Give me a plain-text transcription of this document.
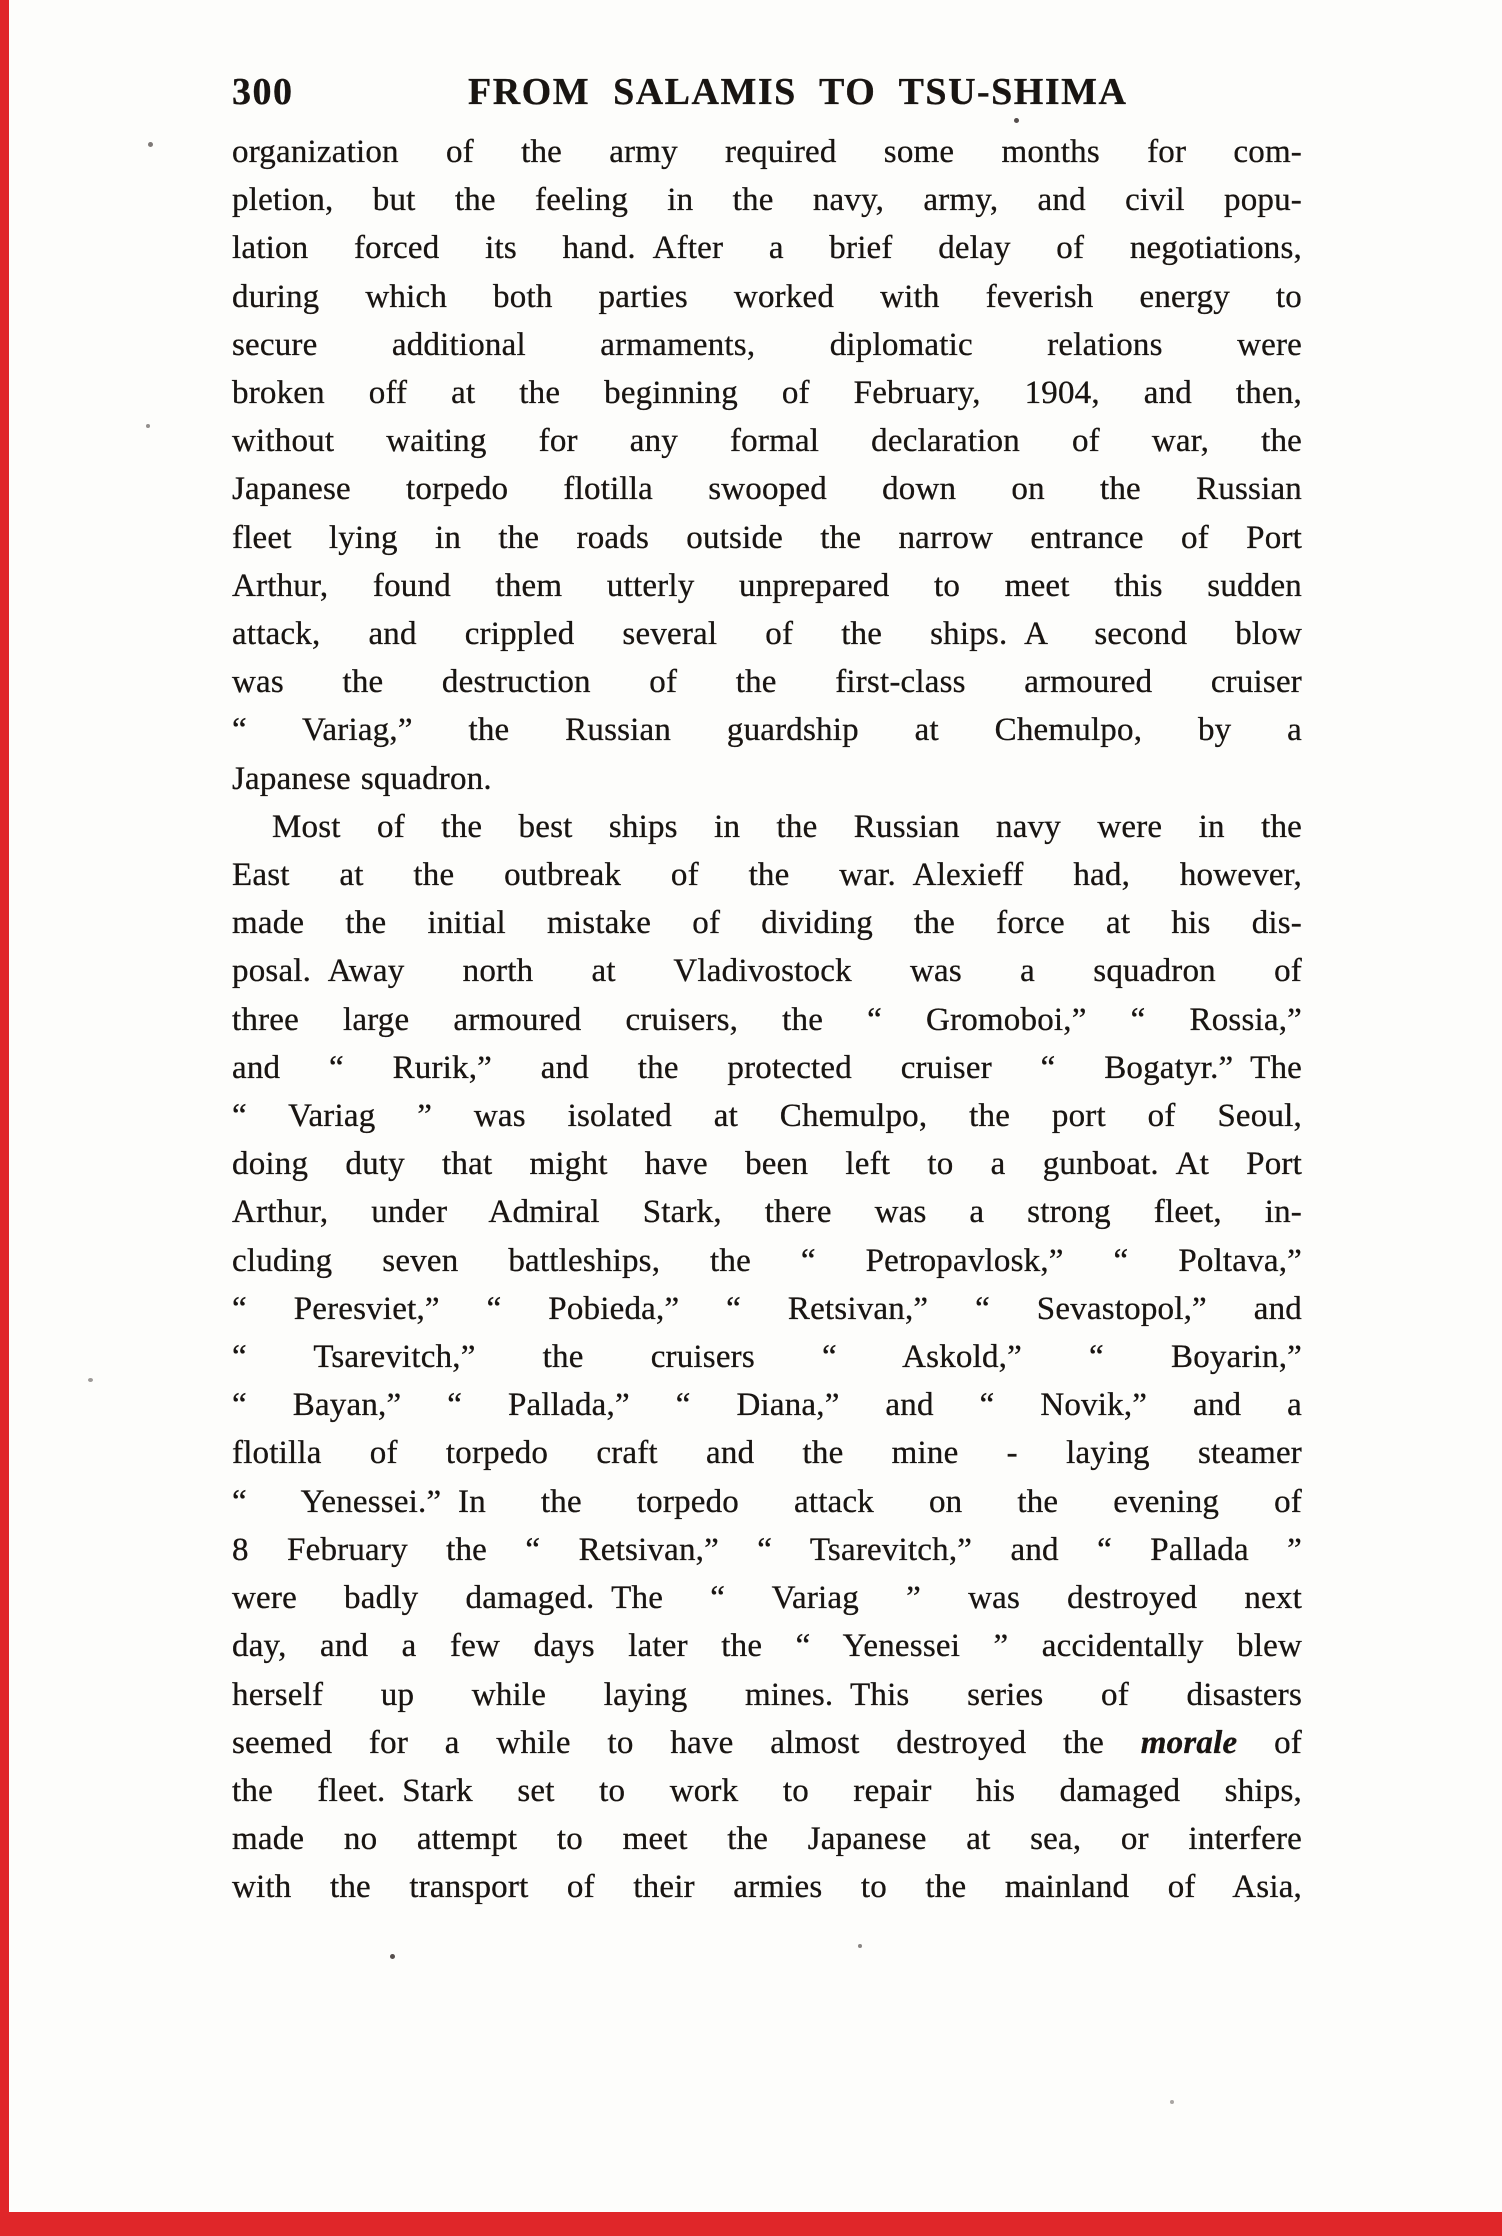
300	FROM SALAMIS TO TSU-SHIMA
organization of the army required some months for com-
pletion, but the feeling in the navy, army, and civil popu-
lation forced its hand. After a brief delay of negotiations,
during which both parties worked with feverish energy to
secure additional armaments, diplomatic relations were
broken off at the beginning of February, 1904, and then,
without waiting for any formal declaration of war, the
Japanese torpedo flotilla swooped down on the Russian
fleet lying in the roads outside the narrow entrance of Port
Arthur, found them utterly unprepared to meet this sudden
attack, and crippled several of the ships. A second blow
was the destruction of the first-class armoured cruiser
“ Variag,” the Russian guardship at Chemulpo, by a
Japanese squadron.
Most of the best ships in the Russian navy were in the
East at the outbreak of the war. Alexieff had, however,
made the initial mistake of dividing the force at his dis-
posal. Away north at Vladivostock was a squadron of
three large armoured cruisers, the “ Gromoboi,” “ Rossia,”
and “ Rurik,” and the protected cruiser “ Bogatyr.” The
“ Variag ” was isolated at Chemulpo, the port of Seoul,
doing duty that might have been left to a gunboat. At Port
Arthur, under Admiral Stark, there was a strong fleet, in-
cluding seven battleships, the “ Petropavlosk,” “ Poltava,”
“ Peresviet,” “ Pobieda,” “ Retsivan,” “ Sevastopol,” and
“ Tsarevitch,” the cruisers “ Askold,” “ Boyarin,”
“ Bayan,” “ Pallada,” “ Diana,” and “ Novik,” and a
flotilla of torpedo craft and the mine - laying steamer
“ Yenessei.” In the torpedo attack on the evening of
8 February the “ Retsivan,” “ Tsarevitch,” and “ Pallada ”
were badly damaged. The “ Variag ” was destroyed next
day, and a few days later the “ Yenessei ” accidentally blew
herself up while laying mines. This series of disasters
seemed for a while to have almost destroyed the morale of
the fleet. Stark set to work to repair his damaged ships,
made no attempt to meet the Japanese at sea, or interfere
with the transport of their armies to the mainland of Asia,
